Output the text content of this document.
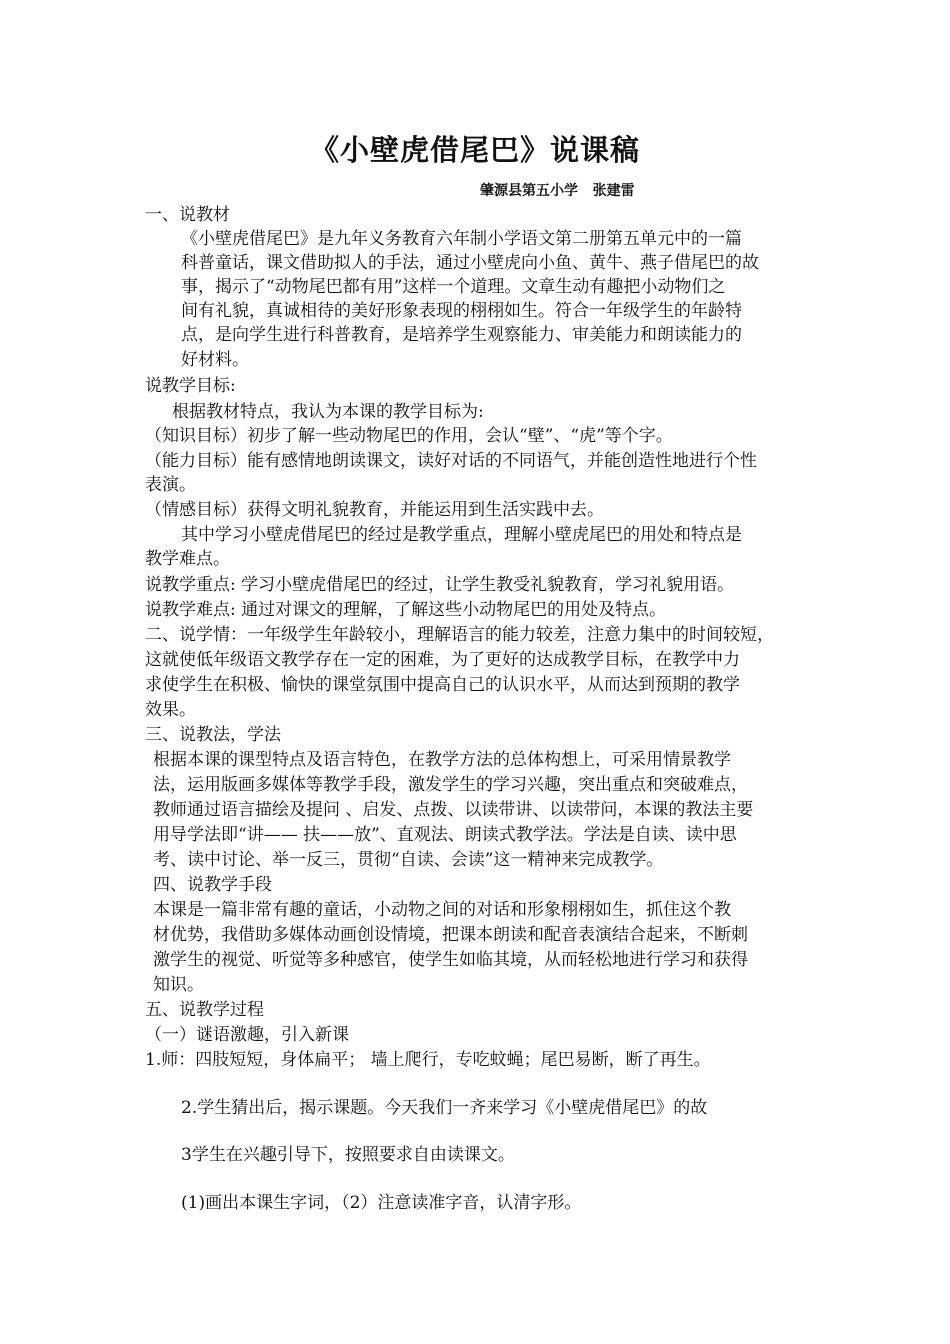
《小壁虎借尾巴》说课稿
肇源县第五小学   张建雷
一、说教材
《小壁虎借尾巴》是九年义务教育六年制小学语文第二册第五单元中的一篇
科普童话，课文借助拟人的手法，通过小壁虎向小鱼、黄牛、燕子借尾巴的故
事，揭示了“动物尾巴都有用”这样一个道理。文章生动有趣把小动物们之
间有礼貌，真诚相待的美好形象表现的栩栩如生。符合一年级学生的年龄特
点，是向学生进行科普教育，是培养学生观察能力、审美能力和朗读能力的
好材料。
说教学目标:
根据教材特点，我认为本课的教学目标为:
（知识目标）初步了解一些动物尾巴的作用，会认“壁”、“虎”等个字。
（能力目标）能有感情地朗读课文，读好对话的不同语气，并能创造性地进行个性
表演。
（情感目标）获得文明礼貌教育，并能运用到生活实践中去。
其中学习小壁虎借尾巴的经过是教学重点，理解小壁虎尾巴的用处和特点是
教学难点。
说教学重点: 学习小壁虎借尾巴的经过，让学生教受礼貌教育，学习礼貌用语。
说教学难点: 通过对课文的理解，了解这些小动物尾巴的用处及特点。
二、说学情：一年级学生年龄较小，理解语言的能力较差，注意力集中的时间较短，
这就使低年级语文教学存在一定的困难，为了更好的达成教学目标，在教学中力
求使学生在积极、愉快的课堂氛围中提高自己的认识水平，从而达到预期的教学
效果。
三、说教法，学法
根据本课的课型特点及语言特色，在教学方法的总体构想上，可采用情景教学
法，运用版画多媒体等教学手段，激发学生的学习兴趣，突出重点和突破难点，
教师通过语言描绘及提问 、启发、点拨、以读带讲、以读带问，本课的教法主要
用导学法即“讲—— 扶——放”、直观法、朗读式教学法。学法是自读、读中思
考、读中讨论、举一反三，贯彻“自读、会读”这一精神来完成教学。
四、说教学手段
本课是一篇非常有趣的童话，小动物之间的对话和形象栩栩如生，抓住这个教
材优势，我借助多媒体动画创设情境，把课本朗读和配音表演结合起来，不断刺
激学生的视觉、听觉等多种感官，使学生如临其境，从而轻松地进行学习和获得
知识。
五、说教学过程
（一）谜语激趣，引入新课
1.师：四肢短短，身体扁平； 墙上爬行，专吃蚊蝇；尾巴易断，断了再生。
2.学生猜出后，揭示课题。今天我们一齐来学习《小壁虎借尾巴》的故
3学生在兴趣引导下，按照要求自由读课文。
(1)画出本课生字词，（2）注意读准字音，认清字形。
